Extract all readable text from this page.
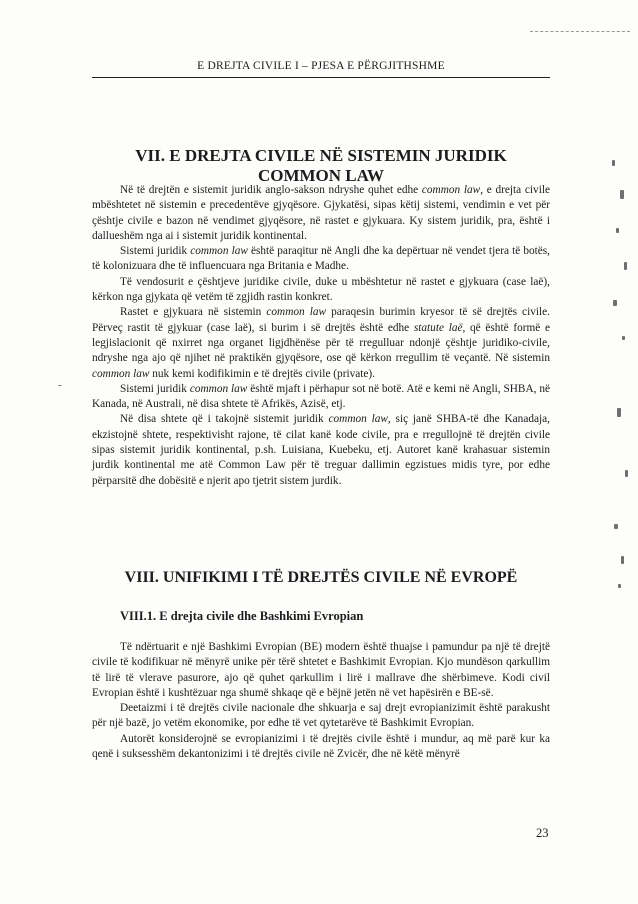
E DREJTA CIVILE I – PJESA E PËRGJITHSHME
VII. E DREJTA CIVILE NË SISTEMIN JURIDIK COMMON LAW

Në të drejtën e sistemit juridik anglo-sakson ndryshe quhet edhe common law, e drejta civile mbështetet në sistemin e precedentëve gjyqësore. Gjykatësi, sipas këtij sistemi, vendimin e vet për çështje civile e bazon në vendimet gjyqësore, në rastet e gjykuara. Ky sistem juridik, pra, është i dallueshëm nga ai i sistemit juridik kontinental.

Sistemi juridik common law është paraqitur në Angli dhe ka depërtuar në vendet tjera të botës, të kolonizuara dhe të influencuara nga Britania e Madhe.

Të vendosurit e çështjeve juridike civile, duke u mbështetur në rastet e gjykuara (case laë), kërkon nga gjykata që vetëm të zgjidh rastin konkret.

Rastet e gjykuara në sistemin common law paraqesin burimin kryesor të së drejtës civile. Përveç rastit të gjykuar (case laë), si burim i së drejtës është edhe statute laë, që është formë e legjislacionit që nxirret nga organet ligjdhënëse për të rregulluar ndonjë çështje juridiko-civile, ndryshe nga ajo që njihet në praktikën gjyqësore, ose që kërkon rregullim të veçantë. Në sistemin common law nuk kemi kodifikimin e të drejtës civile (private).

Sistemi juridik common law është mjaft i përhapur sot në botë. Atë e kemi në Angli, SHBA, në Kanada, në Australi, në disa shtete të Afrikës, Azisë, etj.

Në disa shtete që i takojnë sistemit juridik common law, siç janë SHBA-të dhe Kanadaja, ekzistojnë shtete, respektivisht rajone, të cilat kanë kode civile, pra e rregullojnë të drejtën civile sipas sistemit juridik kontinental, p.sh. Luisiana, Kuebeku, etj. Autoret kanë krahasuar sistemin jurdik kontinental me atë Common Law për të treguar dallimin egzistues midis tyre, por edhe përparsitë dhe dobësitë e njerit apo tjetrit sistem jurdik.

VIII. UNIFIKIMI I TË DREJTËS CIVILE NË EVROPË
VIII.1. E drejta civile dhe Bashkimi Evropian

Të ndërtuarit e një Bashkimi Evropian (BE) modern është thuajse i pamundur pa një të drejtë civile të kodifikuar në mënyrë unike për tërë shtetet e Bashkimit Evropian. Kjo mundëson qarkullim të lirë të vlerave pasurore, ajo që quhet qarkullim i lirë i mallrave dhe shërbimeve. Kodi civil Evropian është i kushtëzuar nga shumë shkaqe që e bëjnë jetën në vet hapësirën e BE-së.

Deetaizmi i të drejtës civile nacionale dhe shkuarja e saj drejt evropianizimit është parakusht për një bazë, jo vetëm ekonomike, por edhe të vet qytetarëve të Bashkimit Evropian.

Autorët konsiderojnë se evropianizimi i të drejtës civile është i mundur, aq më parë kur ka qenë i suksesshëm dekantonizimi i të drejtës civile në Zvicër, dhe në këtë mënyrë

23
-
